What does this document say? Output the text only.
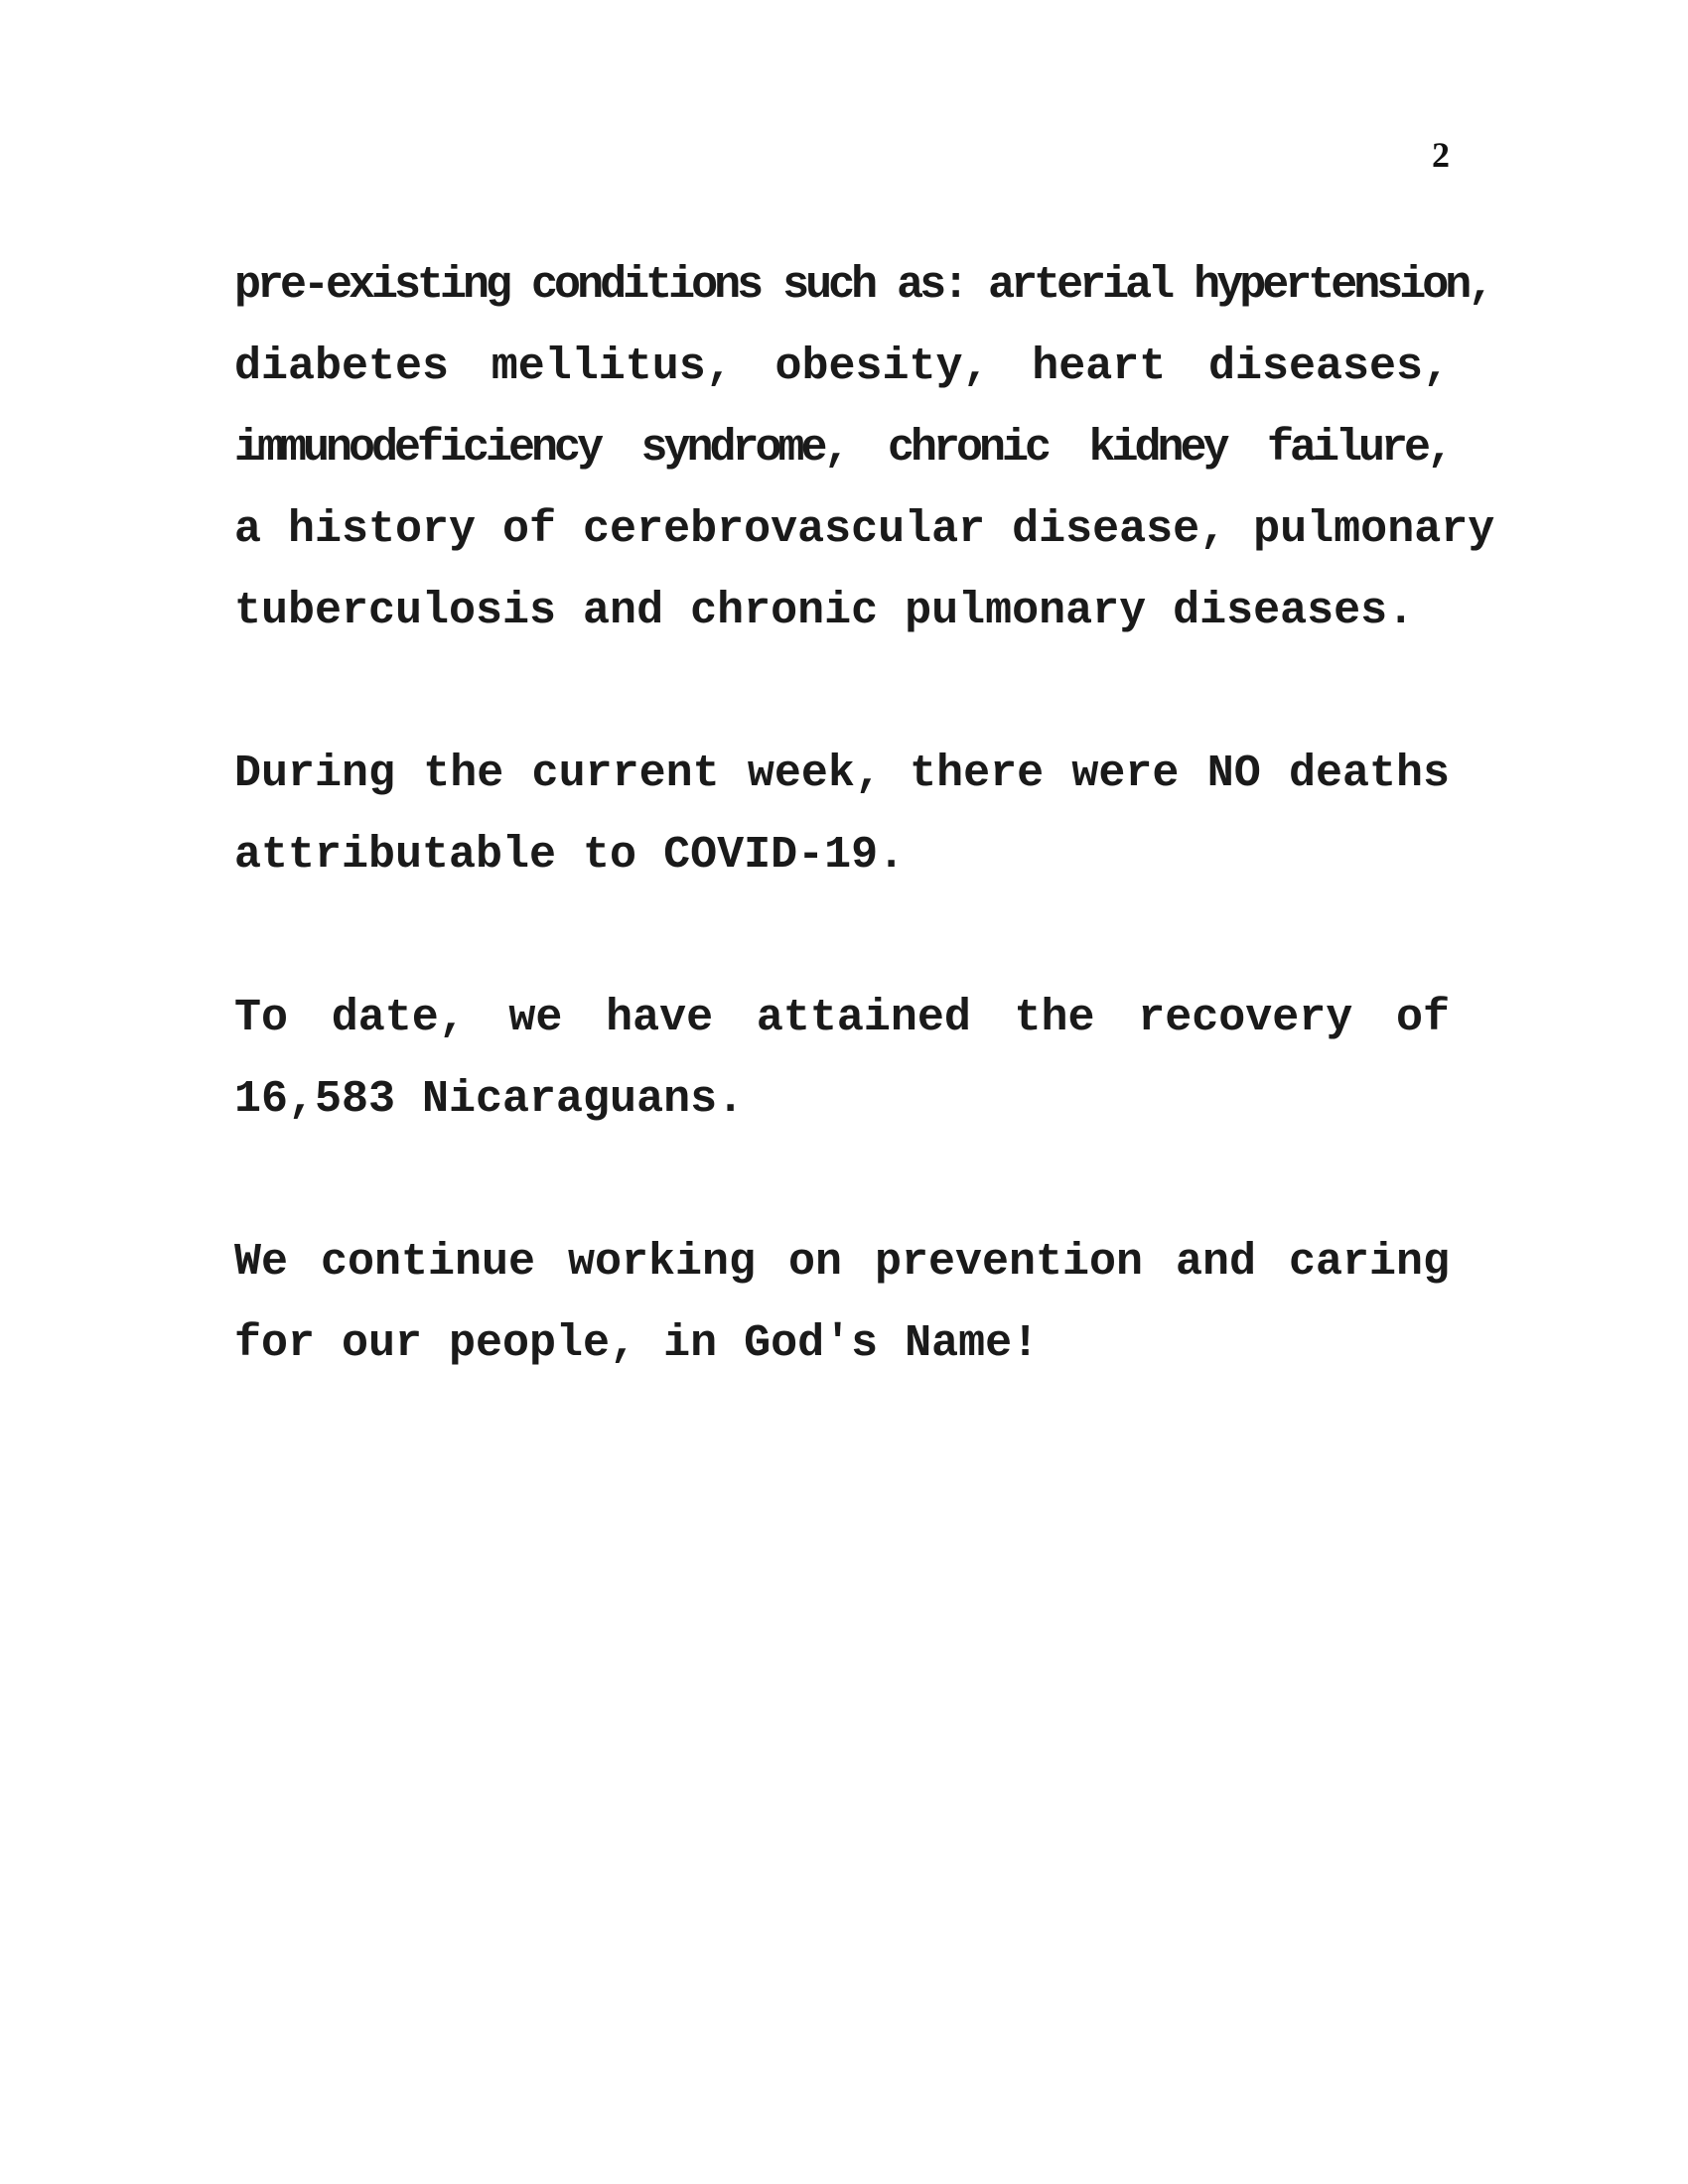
2
pre-existing conditions such as: arterial hypertension,
diabetes mellitus, obesity, heart diseases,
immunodeficiency syndrome, chronic kidney failure,
a history of cerebrovascular disease, pulmonary
tuberculosis and chronic pulmonary diseases.
During the current week, there were NO deaths
attributable to COVID-19.
To date, we have attained the recovery of
16,583 Nicaraguans.
We continue working on prevention and caring
for our people, in God's Name!
